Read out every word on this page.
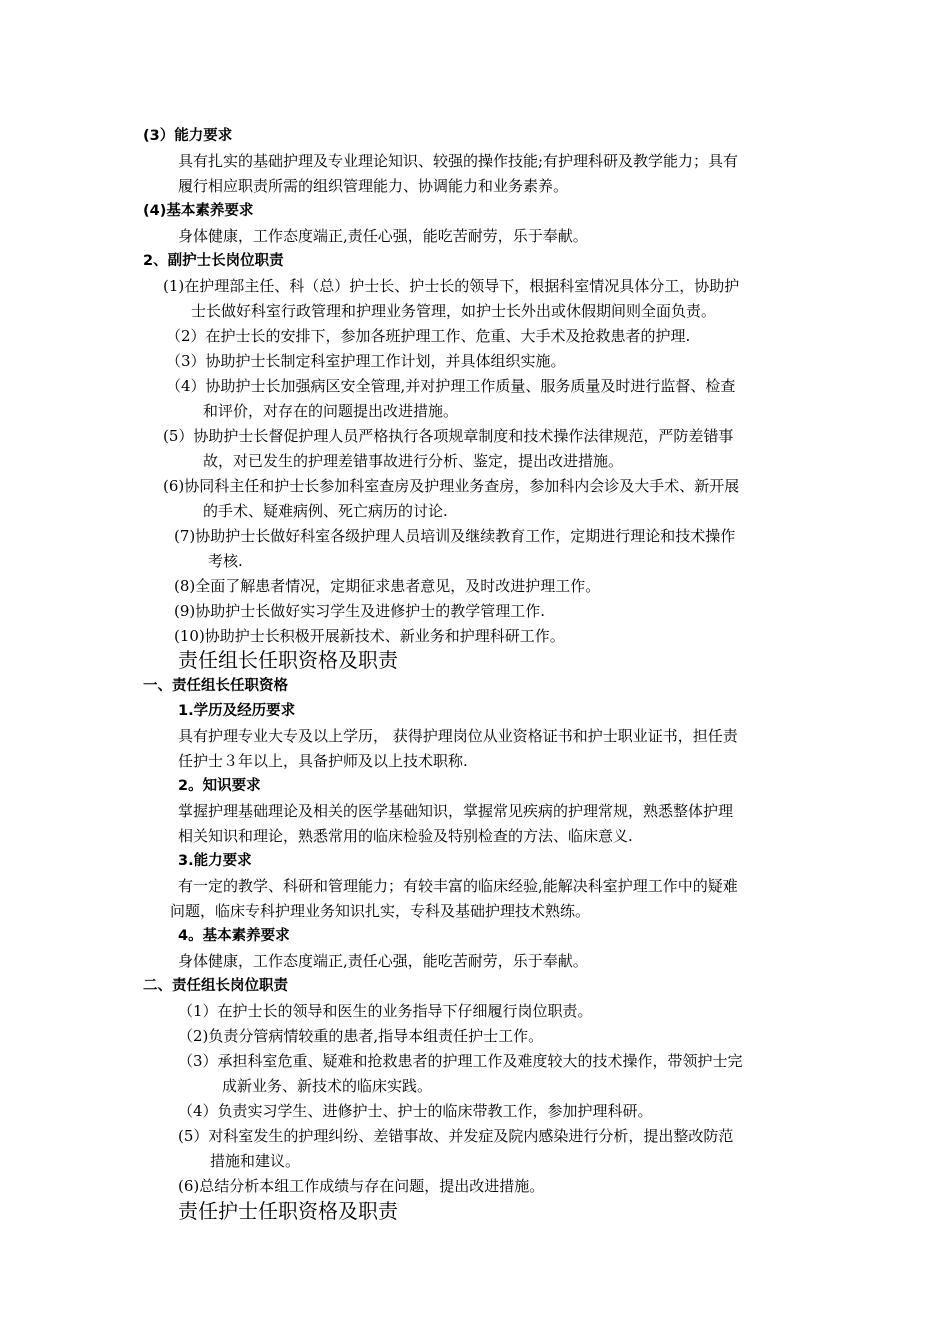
(3）能力要求
具有扎实的基础护理及专业理论知识、较强的操作技能;有护理科研及教学能力；具有
履行相应职责所需的组织管理能力、协调能力和业务素养。
(4)基本素养要求
身体健康，工作态度端正,责任心强，能吃苦耐劳，乐于奉献。
2、副护士长岗位职责
(1)在护理部主任、科（总）护士长、护士长的领导下，根据科室情况具体分工，协助护
士长做好科室行政管理和护理业务管理，如护士长外出或休假期间则全面负责。
（2）在护士长的安排下，参加各班护理工作、危重、大手术及抢救患者的护理.
（3）协助护士长制定科室护理工作计划，并具体组织实施。
（4）协助护士长加强病区安全管理,并对护理工作质量、服务质量及时进行监督、检查
和评价，对存在的问题提出改进措施。
(5）协助护士长督促护理人员严格执行各项规章制度和技术操作法律规范，严防差错事
故，对已发生的护理差错事故进行分析、鉴定，提出改进措施。
(6)协同科主任和护士长参加科室查房及护理业务查房，参加科内会诊及大手术、新开展
的手术、疑难病例、死亡病历的讨论.
(7)协助护士长做好科室各级护理人员培训及继续教育工作，定期进行理论和技术操作
考核.
(8)全面了解患者情况，定期征求患者意见，及时改进护理工作。
(9)协助护士长做好实习学生及进修护士的教学管理工作.
(10)协助护士长积极开展新技术、新业务和护理科研工作。
责任组长任职资格及职责
一、责任组长任职资格
1.学历及经历要求
具有护理专业大专及以上学历， 获得护理岗位从业资格证书和护士职业证书，担任责
任护士３年以上，具备护师及以上技术职称.
2。知识要求
掌握护理基础理论及相关的医学基础知识，掌握常见疾病的护理常规，熟悉整体护理
相关知识和理论，熟悉常用的临床检验及特别检查的方法、临床意义.
3.能力要求
有一定的教学、科研和管理能力；有较丰富的临床经验,能解决科室护理工作中的疑难
问题，临床专科护理业务知识扎实，专科及基础护理技术熟练。
4。基本素养要求
身体健康，工作态度端正,责任心强，能吃苦耐劳，乐于奉献。
二、责任组长岗位职责
（1）在护士长的领导和医生的业务指导下仔细履行岗位职责。
（2)负责分管病情较重的患者,指导本组责任护士工作。
（3）承担科室危重、疑难和抢救患者的护理工作及难度较大的技术操作，带领护士完
成新业务、新技术的临床实践。
（4）负责实习学生、进修护士、护士的临床带教工作，参加护理科研。
(5）对科室发生的护理纠纷、差错事故、并发症及院内感染进行分析，提出整改防范
措施和建议。
(6)总结分析本组工作成绩与存在问题，提出改进措施。
责任护士任职资格及职责
